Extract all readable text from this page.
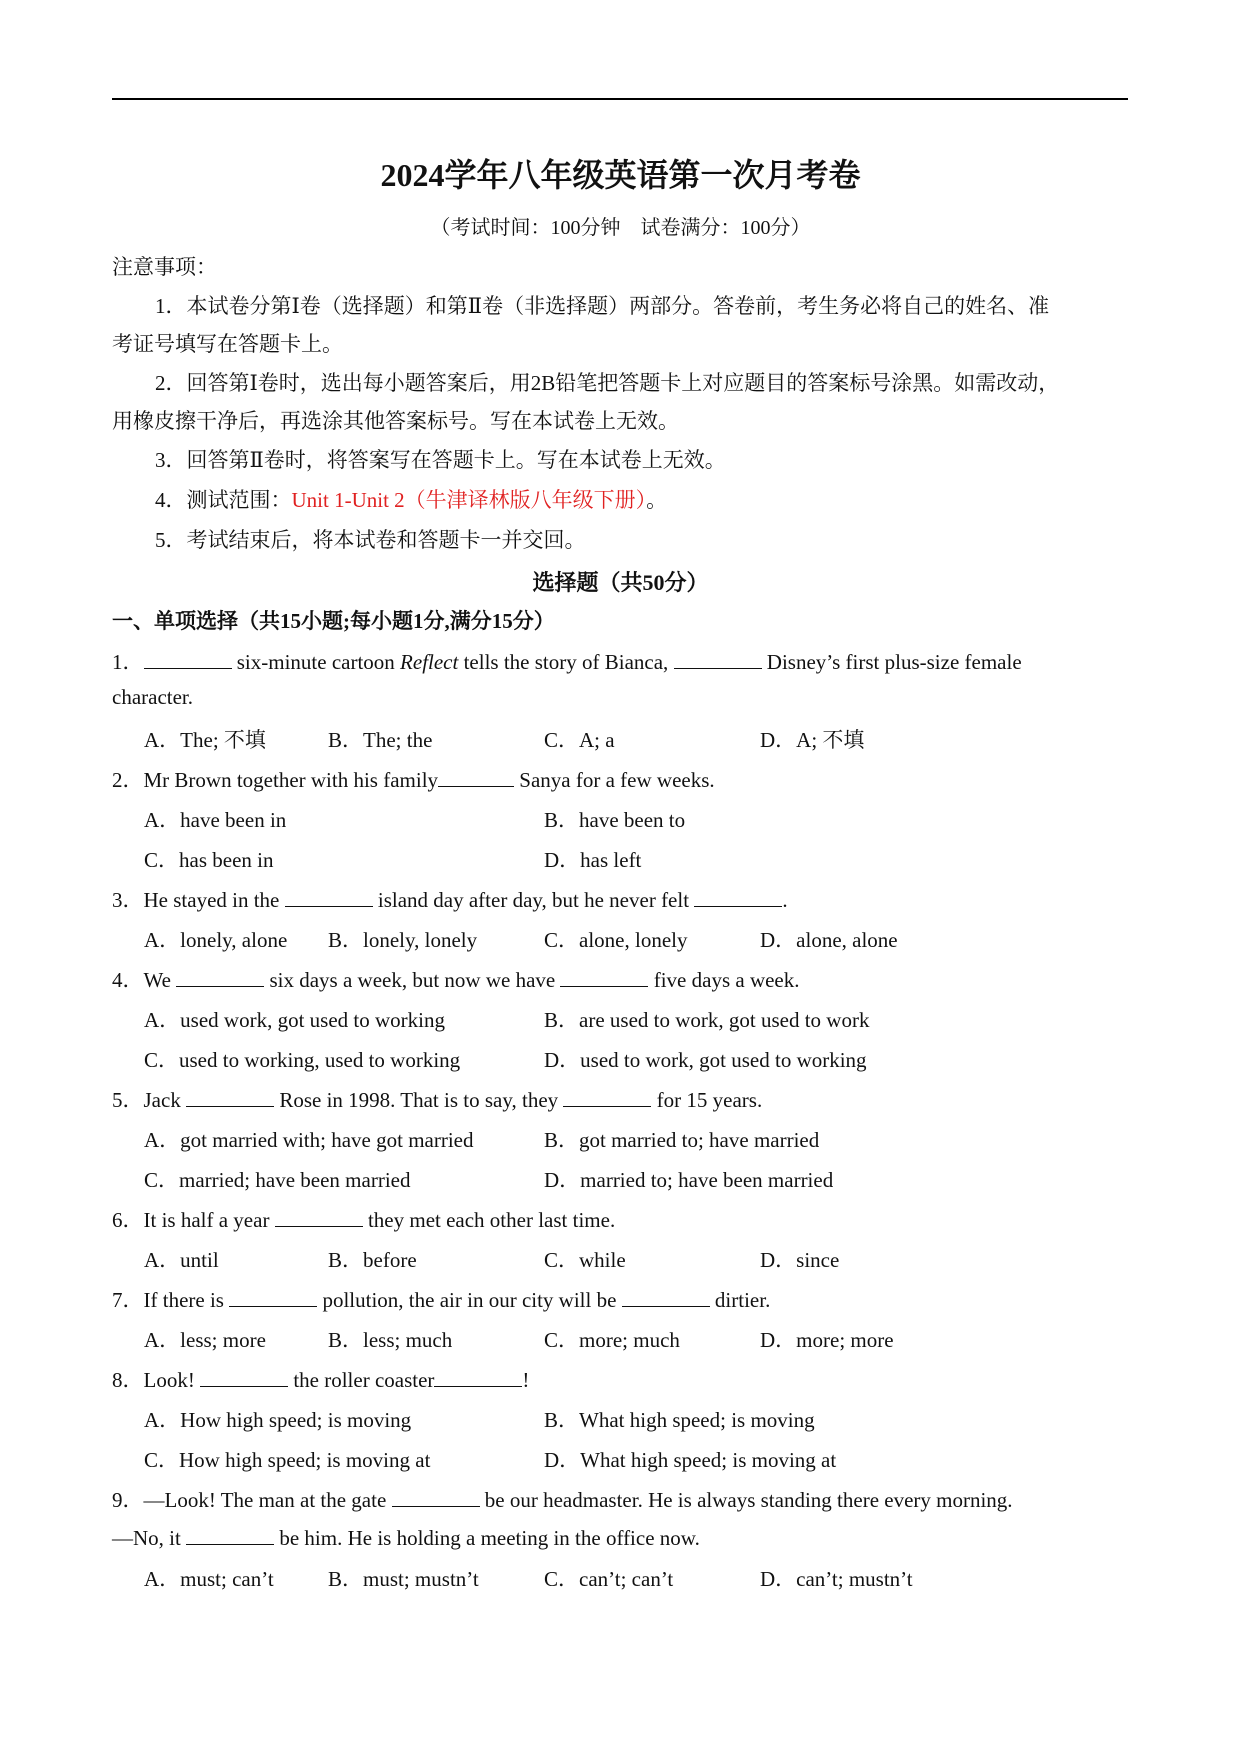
2024学年八年级英语第一次月考卷
（考试时间：100分钟　试卷满分：100分）
注意事项：
1．本试卷分第Ⅰ卷（选择题）和第Ⅱ卷（非选择题）两部分。答卷前，考生务必将自己的姓名、准
考证号填写在答题卡上。
2．回答第Ⅰ卷时，选出每小题答案后，用2B铅笔把答题卡上对应题目的答案标号涂黑。如需改动，
用橡皮擦干净后，再选涂其他答案标号。写在本试卷上无效。
3．回答第Ⅱ卷时，将答案写在答题卡上。写在本试卷上无效。
4．测试范围：Unit 1-Unit 2（牛津译林版八年级下册）。
5．考试结束后，将本试卷和答题卡一并交回。
选择题（共50分）
一、单项选择（共15小题;每小题1分,满分15分）
1．	six-minute cartoon Reflect tells the story of Bianca,	Disney’s first plus-size female
character.
A．The; 不填	B．The; the	C．A; a	D．A; 不填
2．Mr Brown together with his family	Sanya for a few weeks.
A．have been in	B．have been to
C．has been in	D．has left
3．He stayed in the	island day after day, but he never felt	.
A．lonely, alone B．lonely, lonely	C．alone, lonely	D．alone, alone
4．We	six days a week, but now we have	five days a week.
A．used work, got used to working	B．are used to work, got used to work
C．used to working, used to working	D．used to work, got used to working
5．Jack	Rose in 1998. That is to say, they	for 15 years.
A．got married with; have got married	B．got married to; have married
C．married; have been married	D．married to; have been married
6．It is half a year	they met each other last time.
A．until	B．before	C．while	D．since
7．If there is	pollution, the air in our city will be	dirtier.
A．less; more	B．less; much	C．more; much	D．more; more
8．Look!	the roller coaster	!
A．How high speed; is moving	B．What high speed; is moving
C．How high speed; is moving at	D．What high speed; is moving at
9．—Look! The man at the gate	be our headmaster. He is always standing there every morning.
—No, it	be him. He is holding a meeting in the office now.
A．must; can’t	B．must; mustn’t	C．can’t; can’t	D．can’t; mustn’t
